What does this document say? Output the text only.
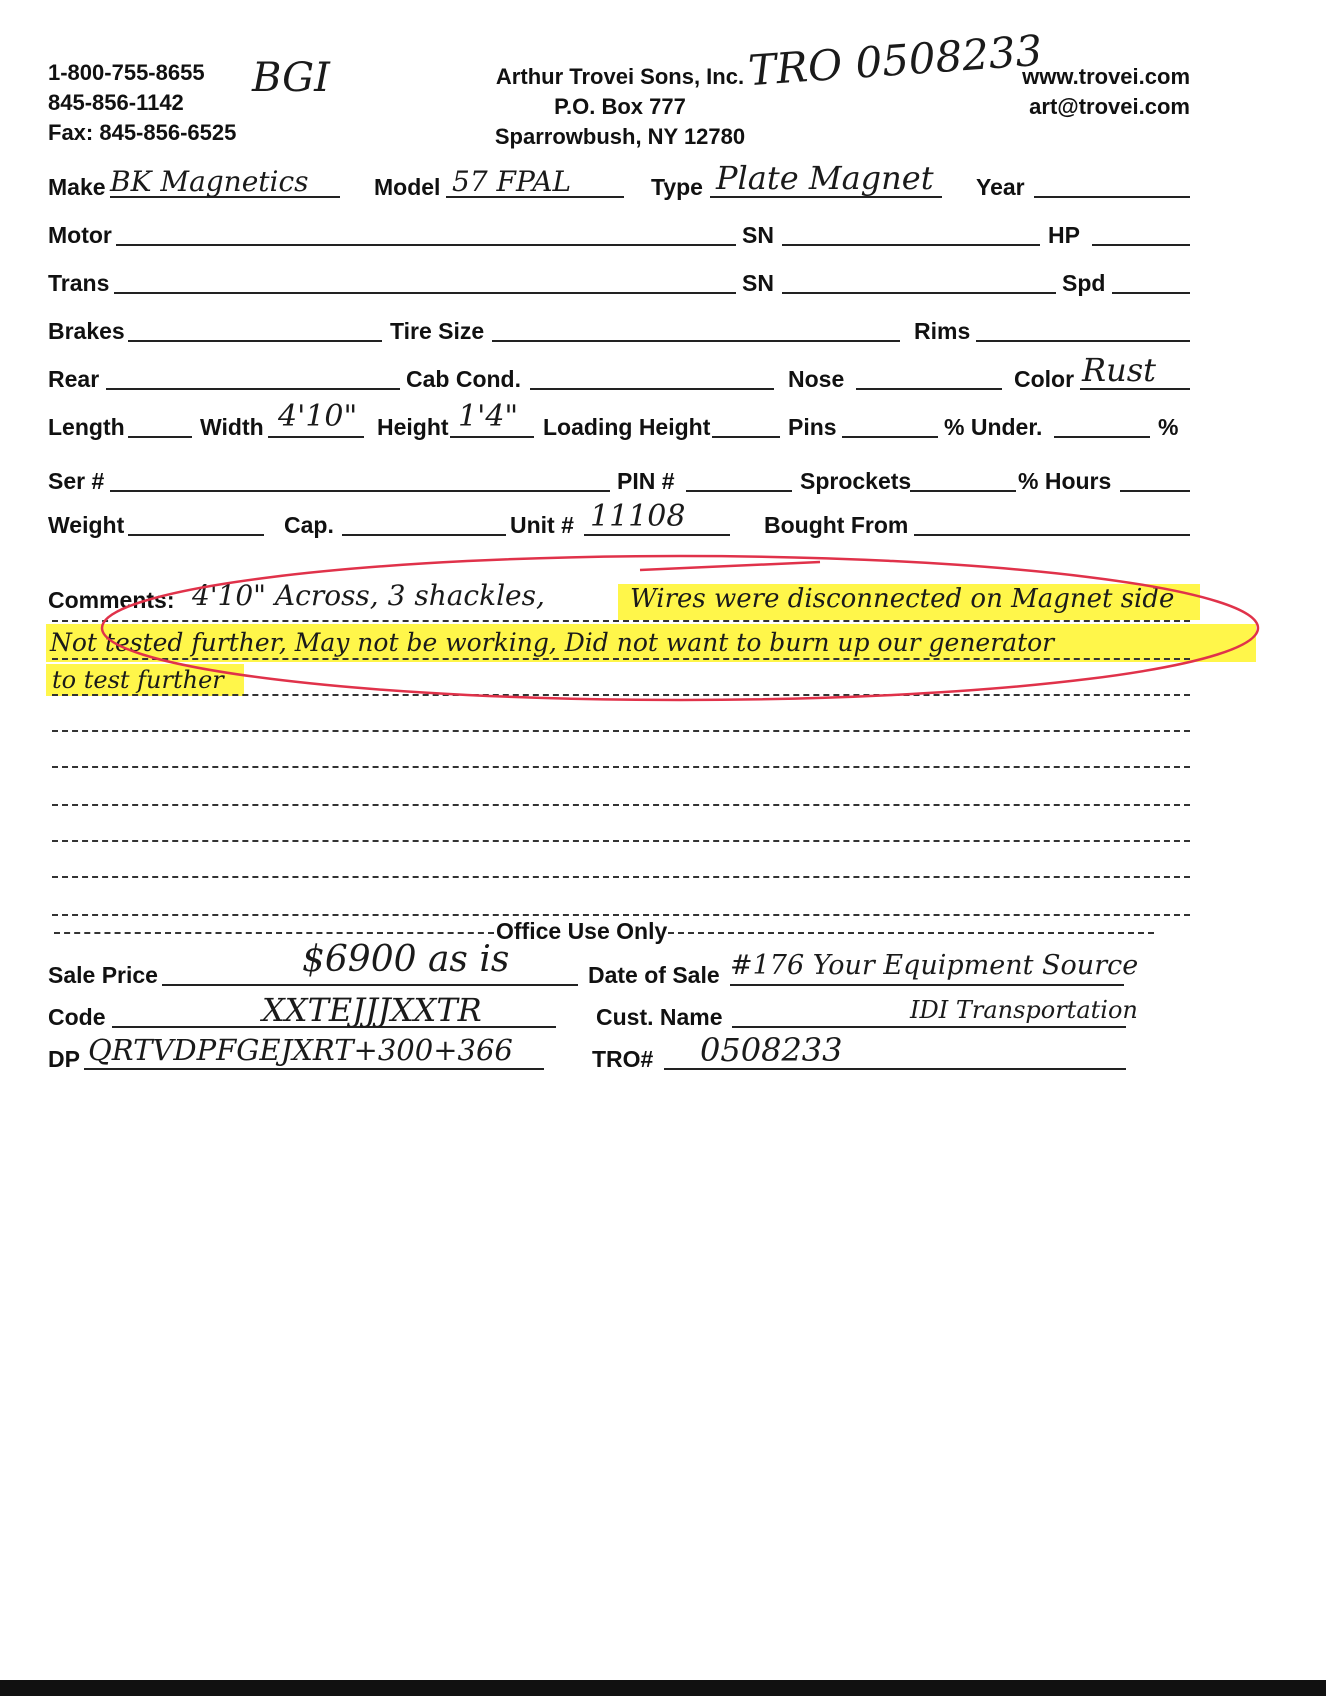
1-800-755-8655
845-856-1142
Fax: 845-856-6525
BGI	Arthur Trovei Sons, Inc.
P.O. Box 777
Sparrowbush, NY 12780
TRO 0508233
www.trovei.com
art@trovei.com
Make BK Magnetics	Model 57 FPAL	Type Plate Magnet Year
Motor	SN	HP
Trans	SN	Spd
Brakes	Tire Size	Rims
Rear	Cab Cond.	Nose	Color Rust
Length	Width 4'10" Height 1'4" Loading Height	Pins	% Under.	%
Ser #	PIN #	Sprockets	% Hours
Weight	Cap.	Unit # 11108	Bought From
Comments: 4'10" Across, 3 shackles,	Wires were disconnected on Magnet side
Not tested further, May not be working, Did not want to burn up our generator
to test further
Office Use Only
Sale Price	$6900 as is	Date of Sale #176 Your Equipment Source
Code	XXTEJJJXXTR	Cust. Name	IDI Transportation
DP QRTVDPFGEJXRT+300+366	TRO# 0508233
